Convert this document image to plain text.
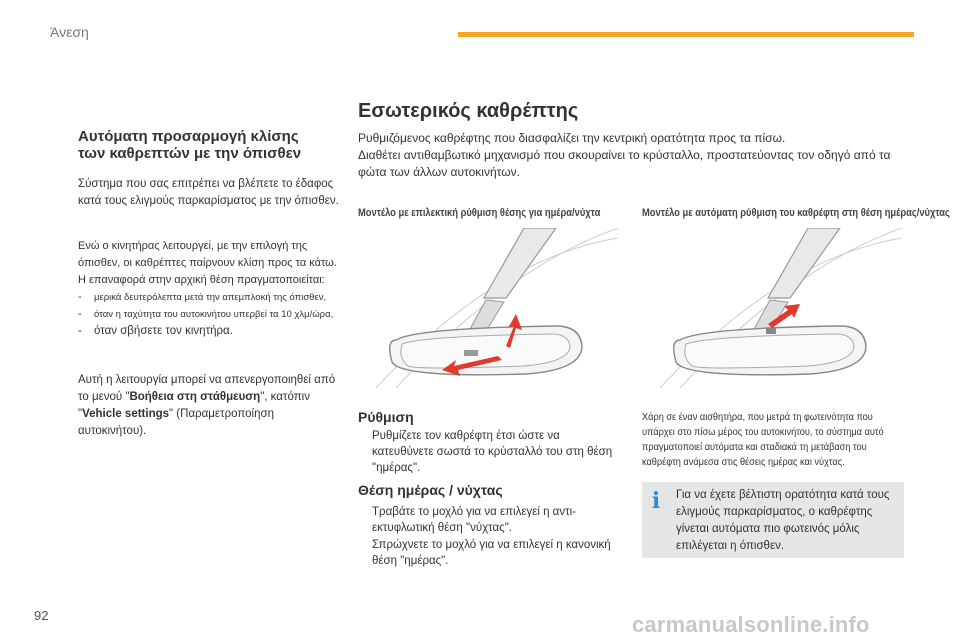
Άνεση
Εσωτερικός καθρέπτης
Ρυθμιζόμενος καθρέφτης που διασφαλίζει την κεντρική ορατότητα προς τα πίσω.
Διαθέτει αντιθαμβωτικό μηχανισμό που σκουραίνει το κρύσταλλο, προστατεύοντας τον οδηγό από τα φώτα των άλλων αυτοκινήτων.
Αυτόματη προσαρμογή κλίσης
των καθρεπτών με την όπισθεν
Σύστημα που σας επιτρέπει να βλέπετε το έδαφος κατά τους ελιγμούς παρκαρίσματος με την όπισθεν.
Ενώ ο κινητήρας λειτουργεί, με την επιλογή της όπισθεν, οι καθρέπτες παίρνουν κλίση προς τα κάτω.
Η επαναφορά στην αρχική θέση πραγματοποιείται:
-	μερικά δευτερόλεπτα μετά την απεμπλοκή της όπισθεν,
-	όταν η ταχύτητα του αυτοκινήτου υπερβεί τα 10 χλμ/ώρα,
-	όταν σβήσετε τον κινητήρα.
Αυτή η λειτουργία μπορεί να απενεργοποιηθεί από το μενού "Βοήθεια στη στάθμευση", κατόπιν "Vehicle settings" (Παραμετροποίηση αυτοκινήτου).
Μοντέλο με επιλεκτική ρύθμιση θέσης για ημέρα/νύχτα	Μοντέλο με αυτόματη ρύθμιση του καθρέφτη στη θέση ημέρας/νύχτας
Ρύθμιση
Ρυθμίζετε τον καθρέφτη έτσι ώστε να κατευθύνετε σωστά το κρύσταλλό του στη θέση "ημέρας".
Θέση ημέρας / νύχτας
Τραβάτε το μοχλό για να επιλεγεί η αντι-εκτυφλωτική θέση "νύχτας".
Σπρώχνετε το μοχλό για να επιλεγεί η κανονική θέση "ημέρας".
Χάρη σε έναν αισθητήρα, που μετρά τη φωτεινότητα που υπάρχει στο πίσω μέρος του αυτοκινήτου, το σύστημα αυτό πραγματοποιεί αυτόματα και σταδιακά τη μετάβαση του καθρέφτη ανάμεσα στις θέσεις ημέρας και νύχτας.
i	Για να έχετε βέλτιστη ορατότητα κατά τους ελιγμούς παρκαρίσματος, ο καθρέφτης γίνεται αυτόματα πιο φωτεινός μόλις επιλέγεται η όπισθεν.
92	carmanualsonline.info
